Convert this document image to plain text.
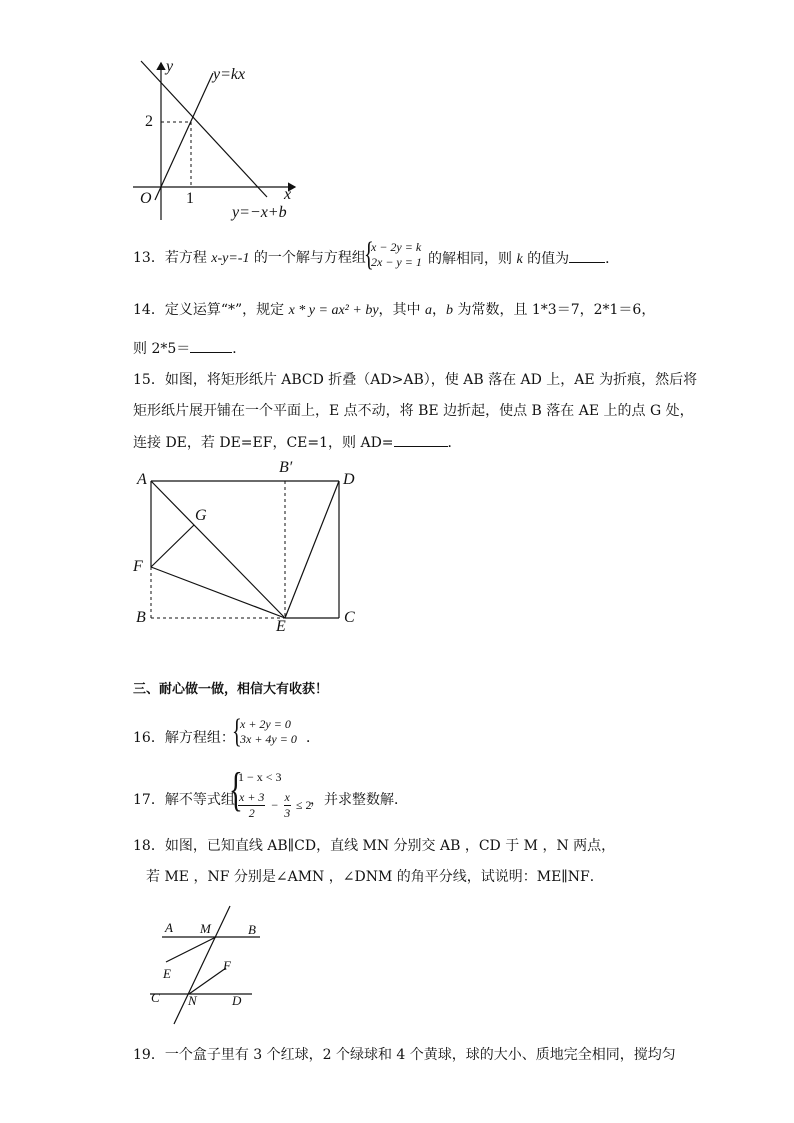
y
x
O
2
1
y=kx
y=−x+b
13．若方程 x-y=-1 的一个解与方程组
{
x − 2y = k
2x − y = 1 的解相同，则 k 的值为	．
14．定义运算“*”，规定 x * y = ax² + by，其中 a，b 为常数，且 1*3＝7，2*1＝6，
则 2*5＝	．
15．如图，将矩形纸片 ABCD 折叠（AD>AB），使 AB 落在 AD 上，AE 为折痕，然后将
矩形纸片展开铺在一个平面上，E 点不动，将 BE 边折起，使点 B 落在 AE 上的点 G 处，
连接 DE，若 DE=EF，CE=1，则 AD=	．
A
B′
D
G
F
B
E
C
三、耐心做一做，相信大有收获！
16．解方程组：
{
x + 2y = 0
3x + 4y = 0 ．
17．解不等式组
{
1 − x < 3
$\frac{x + 3}{2} - \frac{x}{3} \le 2$
，并求整数解．
18．如图，已知直线 AB∥CD，直线 MN 分别交 AB ，CD 于 M ，N 两点，
若 ME ，NF 分别是∠AMN ，∠DNM 的角平分线，试说明：ME∥NF．
A M	B
E
F
C N	D
19．一个盒子里有 3 个红球，2 个绿球和 4 个黄球，球的大小、质地完全相同，搅均匀
